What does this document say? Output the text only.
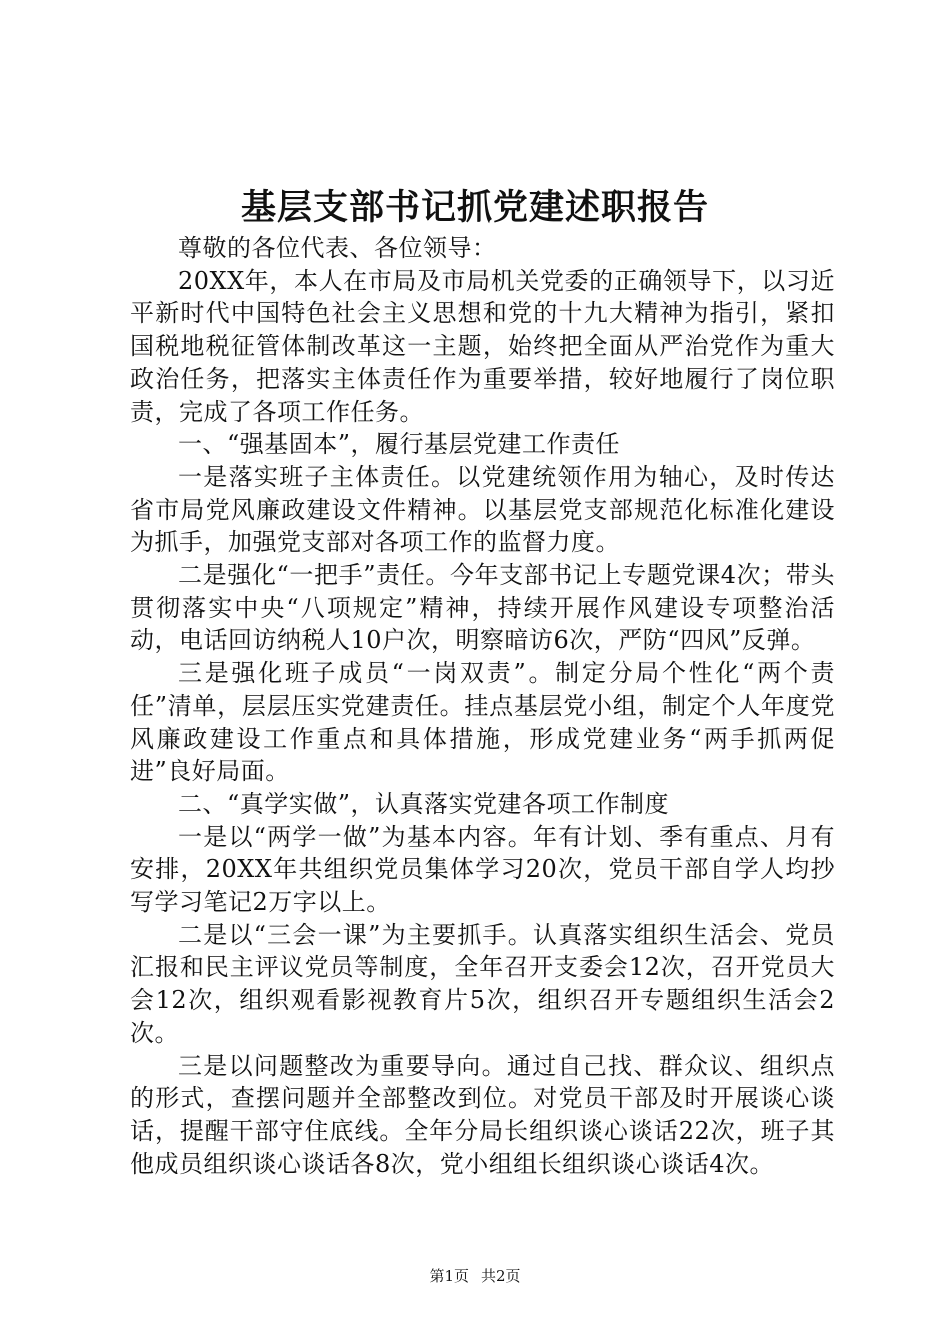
基层支部书记抓党建述职报告

尊敬的各位代表、各位领导：

20XX年，本人在市局及市局机关党委的正确领导下，以习近平新时代中国特色社会主义思想和党的十九大精神为指引，紧扣国税地税征管体制改革这一主题，始终把全面从严治党作为重大政治任务，把落实主体责任作为重要举措，较好地履行了岗位职责，完成了各项工作任务。

一、“强基固本”，履行基层党建工作责任

一是落实班子主体责任。以党建统领作用为轴心，及时传达省市局党风廉政建设文件精神。以基层党支部规范化标准化建设为抓手，加强党支部对各项工作的监督力度。

二是强化“一把手”责任。今年支部书记上专题党课4次；带头贯彻落实中央“八项规定”精神，持续开展作风建设专项整治活动，电话回访纳税人10户次，明察暗访6次，严防“四风”反弹。

三是强化班子成员“一岗双责”。制定分局个性化“两个责任”清单，层层压实党建责任。挂点基层党小组，制定个人年度党风廉政建设工作重点和具体措施，形成党建业务“两手抓两促进”良好局面。

二、“真学实做”，认真落实党建各项工作制度

一是以“两学一做”为基本内容。年有计划、季有重点、月有安排，20XX年共组织党员集体学习20次，党员干部自学人均抄写学习笔记2万字以上。

二是以“三会一课”为主要抓手。认真落实组织生活会、党员汇报和民主评议党员等制度，全年召开支委会12次，召开党员大会12次，组织观看影视教育片5次，组织召开专题组织生活会2次。

三是以问题整改为重要导向。通过自己找、群众议、组织点的形式，查摆问题并全部整改到位。对党员干部及时开展谈心谈话，提醒干部守住底线。全年分局长组织谈心谈话22次，班子其他成员组织谈心谈话各8次，党小组组长组织谈心谈话4次。

第1页 共2页
